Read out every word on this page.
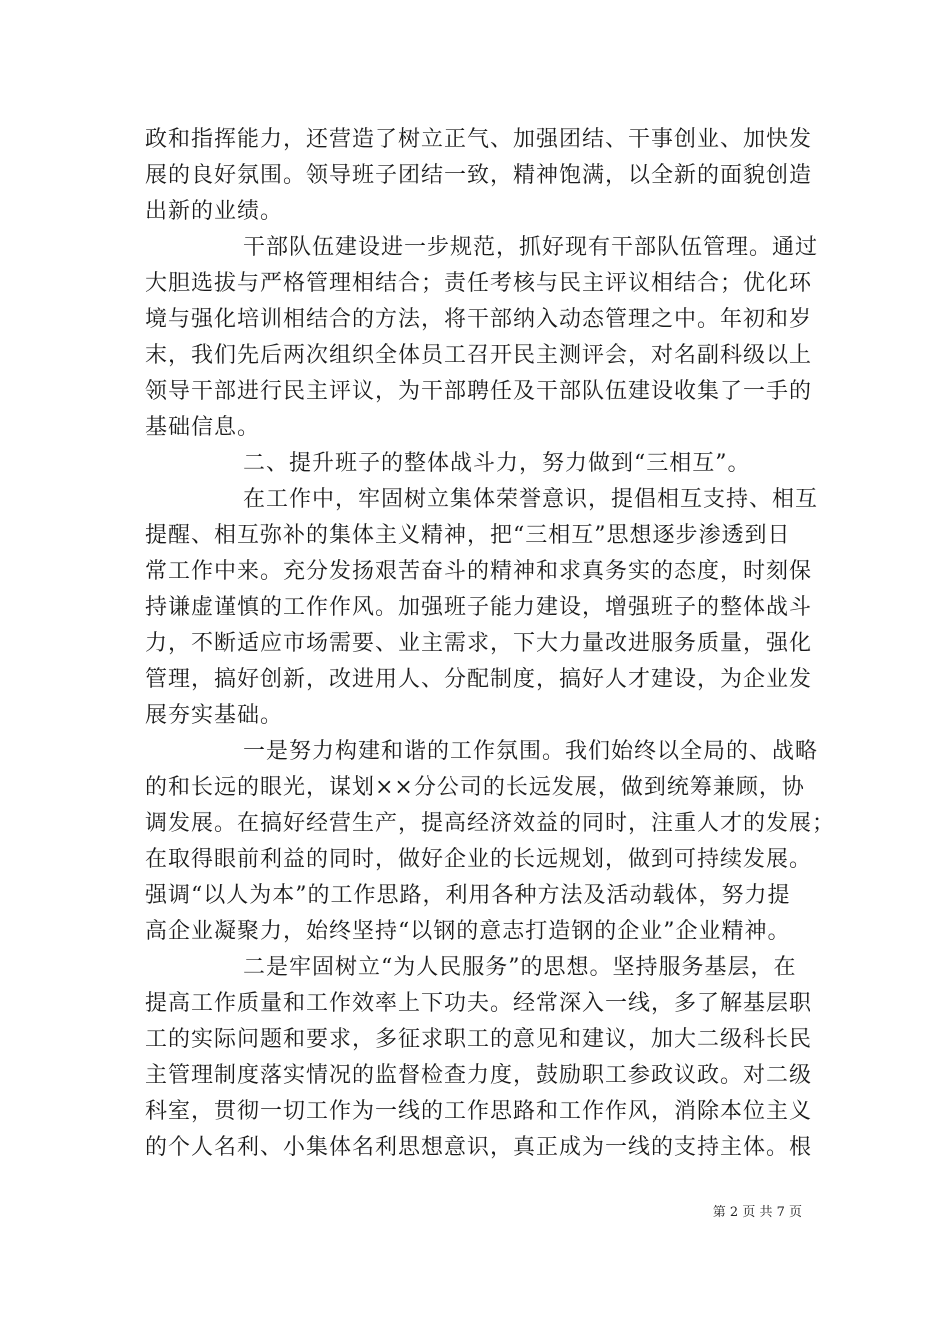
政和指挥能力，还营造了树立正气、加强团结、干事创业、加快发
展的良好氛围。领导班子团结一致，精神饱满，以全新的面貌创造
出新的业绩。
干部队伍建设进一步规范，抓好现有干部队伍管理。通过
大胆选拔与严格管理相结合；责任考核与民主评议相结合；优化环
境与强化培训相结合的方法，将干部纳入动态管理之中。年初和岁
末，我们先后两次组织全体员工召开民主测评会，对名副科级以上
领导干部进行民主评议，为干部聘任及干部队伍建设收集了一手的
基础信息。
二、提升班子的整体战斗力，努力做到“三相互”。
在工作中，牢固树立集体荣誉意识，提倡相互支持、相互
提醒、相互弥补的集体主义精神，把“三相互”思想逐步渗透到日
常工作中来。充分发扬艰苦奋斗的精神和求真务实的态度，时刻保
持谦虚谨慎的工作作风。加强班子能力建设，增强班子的整体战斗
力，不断适应市场需要、业主需求，下大力量改进服务质量，强化
管理，搞好创新，改进用人、分配制度，搞好人才建设，为企业发
展夯实基础。
一是努力构建和谐的工作氛围。我们始终以全局的、战略
的和长远的眼光，谋划××分公司的长远发展，做到统筹兼顾，协
调发展。在搞好经营生产，提高经济效益的同时，注重人才的发展；
在取得眼前利益的同时，做好企业的长远规划，做到可持续发展。
强调“以人为本”的工作思路，利用各种方法及活动载体，努力提
高企业凝聚力，始终坚持“以钢的意志打造钢的企业”企业精神。
二是牢固树立“为人民服务”的思想。坚持服务基层，在
提高工作质量和工作效率上下功夫。经常深入一线，多了解基层职
工的实际问题和要求，多征求职工的意见和建议，加大二级科长民
主管理制度落实情况的监督检查力度，鼓励职工参政议政。对二级
科室，贯彻一切工作为一线的工作思路和工作作风，消除本位主义
的个人名利、小集体名利思想意识，真正成为一线的支持主体。根
第 2 页 共 7 页
